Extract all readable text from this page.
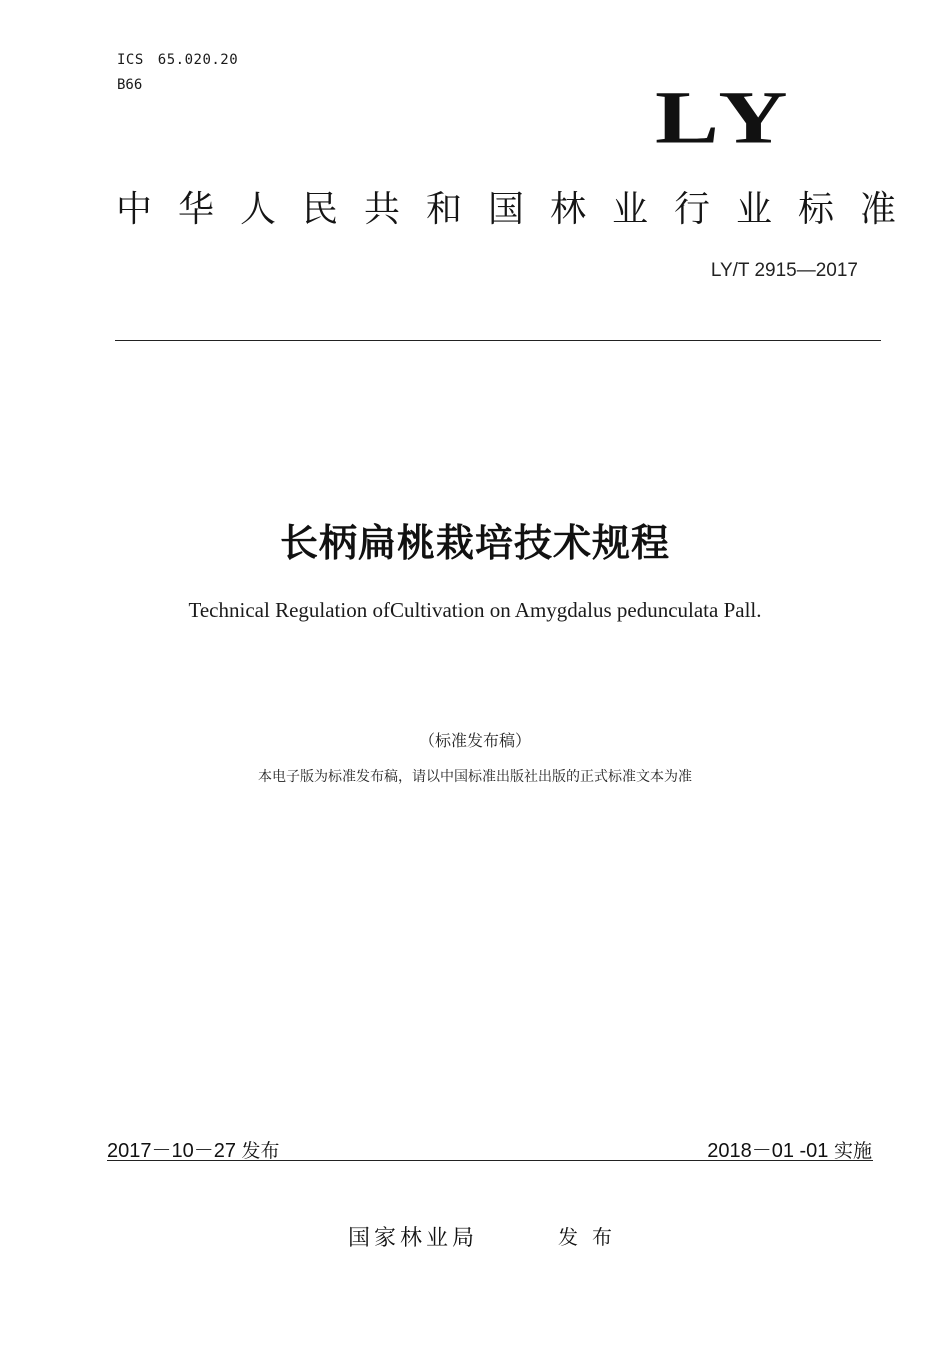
ICS 65.020.20
B66	LY
中华人民共和国林业行业标准
LY/T 2915—2017
长柄扁桃栽培技术规程
Technical Regulation ofCultivation on Amygdalus pedunculata Pall.
（标准发布稿）
本电子版为标准发布稿，请以中国标准出版社出版的正式标准文本为准
2017－10－27 发布	2018－01 -01 实施
国家林业局	发布
